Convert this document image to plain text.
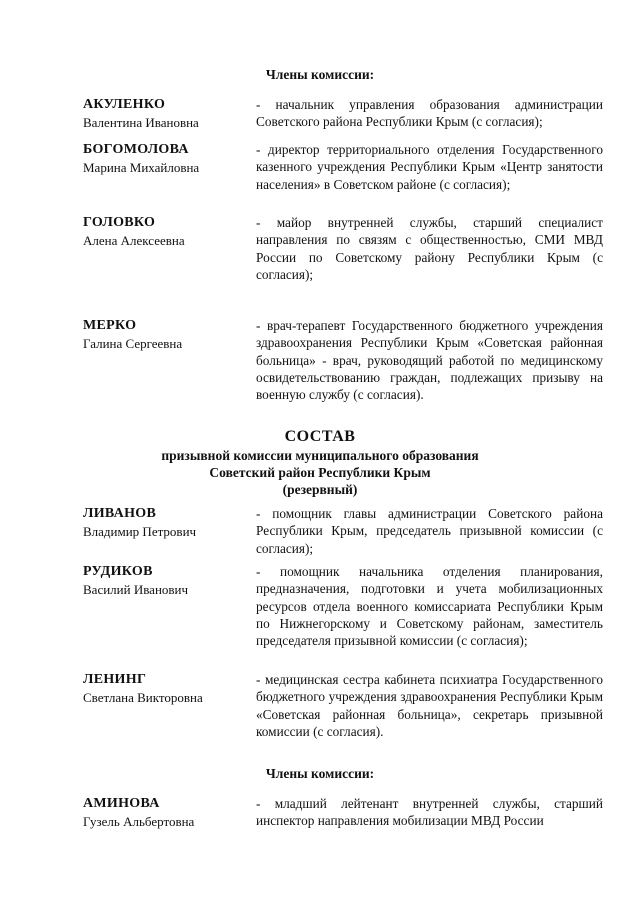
Члены комиссии:
АКУЛЕНКО
Валентина Ивановна
- начальник управления образования администрации Советского района Республики Крым (с согласия);
БОГОМОЛОВА
Марина Михайловна
- директор территориального отделения Государственного казенного учреждения Республики Крым «Центр занятости населения» в Советском районе (с согласия);
ГОЛОВКО
Алена Алексеевна
- майор внутренней службы, старший специалист направления по связям с общественностью, СМИ МВД России по Советскому району Республики Крым (с согласия);
МЕРКО
Галина Сергеевна
- врач-терапевт Государственного бюджетного учреждения здравоохранения Республики Крым «Советская районная больница» - врач, руководящий работой по медицинскому освидетельствованию граждан, подлежащих призыву на военную службу (с согласия).
СОСТАВ
призывной комиссии муниципального образования
Советский район Республики Крым
(резервный)
ЛИВАНОВ
Владимир Петрович
- помощник главы администрации Советского района Республики Крым, председатель призывной комиссии (с согласия);
РУДИКОВ
Василий Иванович
- помощник начальника отделения планирования, предназначения, подготовки и учета мобилизационных ресурсов отдела военного комиссариата Республики Крым по Нижнегорскому и Советскому районам, заместитель председателя призывной комиссии (с согласия);
ЛЕНИНГ
Светлана Викторовна
- медицинская сестра кабинета психиатра Государственного бюджетного учреждения здравоохранения Республики Крым «Советская районная больница», секретарь призывной комиссии (с согласия).
Члены комиссии:
АМИНОВА
Гузель Альбертовна
- младший лейтенант внутренней службы, старший инспектор направления мобилизации МВД России
